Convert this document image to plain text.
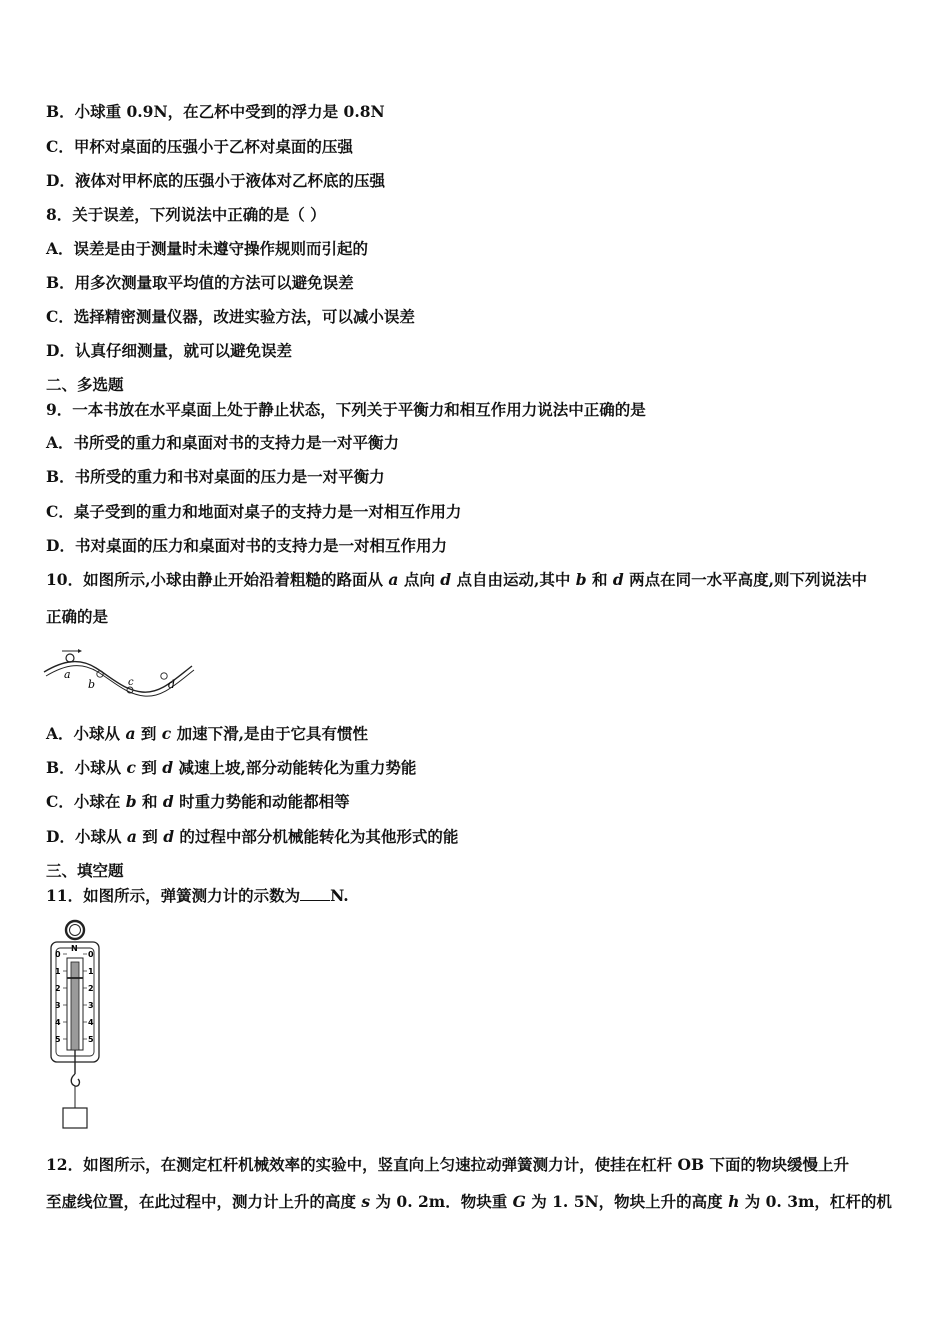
B．小球重 0.9N，在乙杯中受到的浮力是 0.8N
C．甲杯对桌面的压强小于乙杯对桌面的压强
D．液体对甲杯底的压强小于液体对乙杯底的压强
8．关于误差，下列说法中正确的是（ ）
A．误差是由于测量时未遵守操作规则而引起的
B．用多次测量取平均值的方法可以避免误差
C．选择精密测量仪器，改进实验方法，可以减小误差
D．认真仔细测量，就可以避免误差
二、多选题
9．一本书放在水平桌面上处于静止状态，下列关于平衡力和相互作用力说法中正确的是
A．书所受的重力和桌面对书的支持力是一对平衡力
B．书所受的重力和书对桌面的压力是一对平衡力
C．桌子受到的重力和地面对桌子的支持力是一对相互作用力
D．书对桌面的压力和桌面对书的支持力是一对相互作用力
10．如图所示,小球由静止开始沿着粗糙的路面从 a 点向 d 点自由运动,其中 b 和 d 两点在同一水平高度,则下列说法中
正确的是
a
b	c	d
A．小球从 a 到 c 加速下滑,是由于它具有惯性
B．小球从 c 到 d 减速上坡,部分动能转化为重力势能
C．小球在 b 和 d 时重力势能和动能都相等
D．小球从 a 到 d 的过程中部分机械能转化为其他形式的能
三、填空题
11．如图所示，弹簧测力计的示数为 N.
N
0
1
2
3
4
5
0
1
2
3
4
5
12．如图所示，在测定杠杆机械效率的实验中，竖直向上匀速拉动弹簧测力计，使挂在杠杆 OB 下面的物块缓慢上升
至虚线位置，在此过程中，测力计上升的高度 s 为 0. 2m．物块重 G 为 1. 5N，物块上升的高度 h 为 0. 3m，杠杆的机
